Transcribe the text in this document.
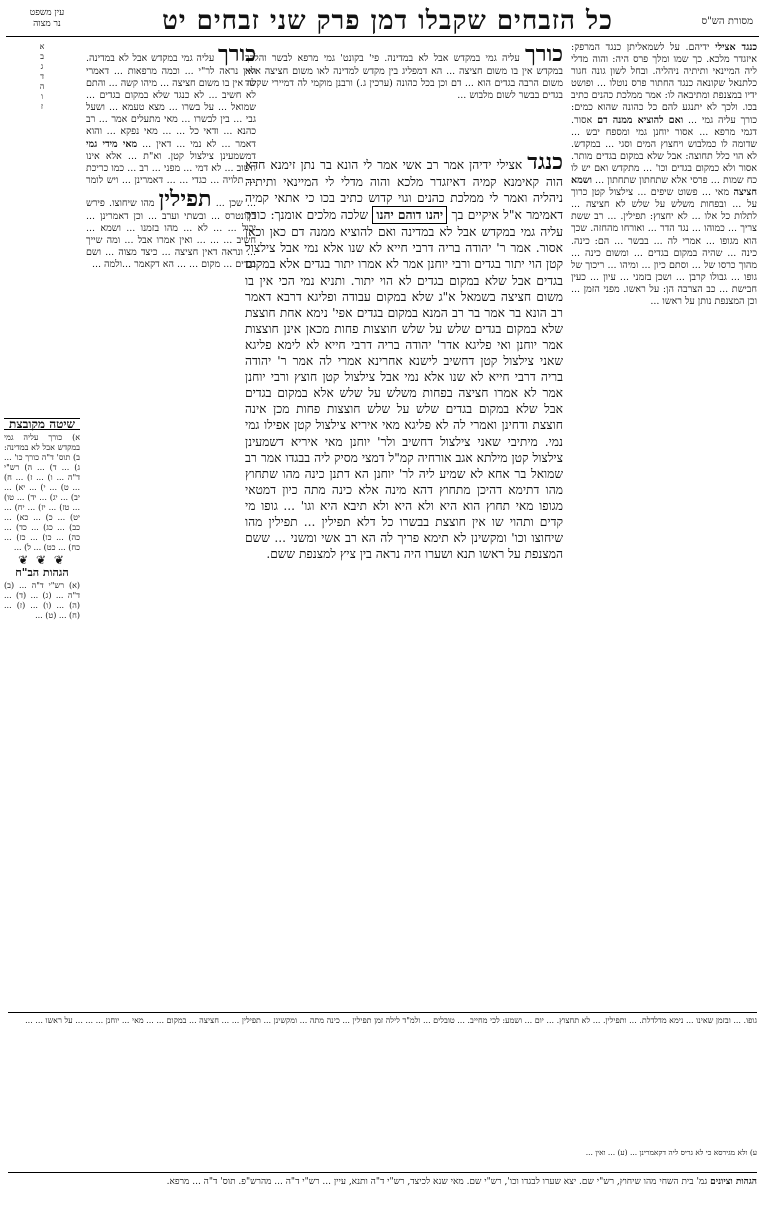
מסורת הש"ס
כל הזבחים שקבלו דמן פרק שני זבחים יט
עין משפט
נר מצוה
כורך עליה גמי במקדש אבל לא במדינה. פי' בקונט' גמי מרפא לבשר והלכך במקדש אין בו משום חציצה ... הא דמפליג בין מקדש למדינה לאו משום חציצה אלא משום הרבה בגדים הוא ... דם וכן בכל כהונה (ערכין ג.) ורבנן מוקמי לה דמיירי שקשר בגדים בבשר לשום מלבוש ...
כנגד אצילי ידיהן אמר רב אשי אמר לי הונא בר נתן זימנא חדא הוה קאימנא קמיה דאיזגדר מלכא והוה מדלי לי המיינאי ותיתיה ניהליה ואמר לי ממלכת כהנים וגוי קדוש כתיב בכו כי אתאי קמיה דאמימר א"ל איקיים בך יהנו דוהם יהנו שלכה מלכים אומנך: כורך עליה גמי במקדש אבל לא במדינה ואם להוציא ממנה דם כאן וכאן אסור. אמר ר' יהודה בריה דרבי חייא לא שנו אלא נמי אבל צילצול קטן הוי יתור בגדים ורבי יוחנן אמר לא אמרו יתור בגדים אלא במקום בגדים אבל שלא במקום בגדים לא הוי יתור. ותניא נמי הכי אין בו משום חציצה בשמאל א"ג שלא במקום עבודה ופליגא דרבא דאמר רב הונא בר אמר בר רב המנא במקום בגדים אפי' נימא אחת חוצצת שלא במקום בגדים שלש על שלש חוצצות פחות מכאן אינן חוצצות אמר יוחנן ואי פליגא אדר' יהודה בריה דרבי חייא לא לימא פליגא שאני צילצול קטן דחשיב לישנא אחרינא אמרי לה אמר ר' יהודה בריה דרבי חייא לא שנו אלא נמי אבל צילצול קטן חוצץ ורבי יוחנן אמר לא אמרו חציצה בפחות משלש על שלש אלא במקום בגדים אבל שלא במקום בגדים שלש על שלש חוצצות פחות מכן אינה חוצצת ודחינן ואמרי לה לא פליגא מאי איריא צילצול קטן אפילו גמי נמי. מיתיבי שאני צילצול דחשיב ולר' יוחנן מאי איריא דשמעינן צילצול קטן מילתא אגב אורחיה קמ"ל דמצי מסיק ליה בבגדו אמר רב שמואל בר אחא לא שמיע ליה לר' יוחנן הא דתנן כינה מהו שתחוץ מהו דתימא דהיכן מתחוץ דהא מינה אלא כינה מתה כיון דמטאי מגופו מאי תחוץ הוא היא ולא היא ולא תיבא היא וגו' ... גופו מי קדים ותהוי שו אין חוצצת בבשרו כל דלא תפילין ... תפילין מהו שיחוצו וכו' ומקשינן לא תימא פריך לה הא רב אשי ומשני ... ששם המצנפת על ראשו תנא ושערו היה נראה בין ציץ למצנפת ששם.
כנגד אצילי ידיהם. על לשמאליתן כנגד המרפק: איזגדר מלכא. כך שמו ומלך פרס היה: והוה מדלי ליה המיינאי ותיתיה ניהליה. ובחל לשון גונה חגור כלתנאל שקונאה כנגד החתור פרס נוטלו ... ופושט ידיו במצנפת ומתיבאה לו: אמר ממלכת כהנים כתיב בכו. ולכך לא יתנגע להם כל כהונה שהוא כמים: כורך עליה גמי ... ואם להוציא ממנה דם אסור. דגמי מרפא ... אסור יוחנן גמי ומספח יבש ... שדומה לו כמלבוש ויחצוץ המים וסגי ... במקדש. לא הוי כלל תחוצה: אבל שלא במקום בגדים מותר. אסור ולא כמקום בגדים וכו' ... מתקדש ואם יש לו כח שמות ... פרסי אלא שתחתון שתחתון ... ושמא חציצה מאי ... פשוט שיפים ... צילצול קטן כרוך על ... ובפחות משלש על שלש לא חציצה ... לתלות כל אלו ... לא יחצוץ: תפילין. ... רב ששת צריך ... כמוהו ... נגד הדר ... ואורחו מהחזה. שכך הוא מגופו ... אמרי לה ... בבשר ... הם: כינה. כינה ... שהיה במקום בגדים ... ומשום כינה ... מהוך כרסו של ... וסתם כיון ... ומיהו ... ריכוך של גופו ... גבולו קרבן ... ושכן בזמני ... עיון ... כעין חבישת ... כב הצרבה הן: על ראשו. מפני הזמן ... וכן המצנפת נותן על ראשו ...
כורך עליה גמי במקדש אבל לא במדינה. ואין נראה לר"י ... וכמה מרפאות ... דאמרי לה אין בו משום חציצה ... מיהו קשה ... והתם לא חשיב ... לא כנגד שלא במקום בגדים ... שמואל ... על בשרו ... מצא טעמא ... ושעל גבי ... בין לבשרו ... מאי מתעלים אמר ... רב כהנא ... ודאי כל ... ... מאי נפקא ... והוא דאמר ... לא נמי ... דאין ... מאי מידי גמי דמשמעינן צילצול קטן. וא"ת ... אלא אינו חשוב ... לא דמי ... מפני ... רב ... כמו כריכת ... תלויה ... כגדי ... ... דאמרינן ... ויש לומר ... שכן ... תפילין מהו שיחוצו. פירש בקונטרס ... ובשתי וערב ... וכן דאמרינן ... יכול ... ... לא ... מהו בזמנו ... ושמא ... חשיב ... ... ... ואין אמרו אבל ... ומה שייך ... ונראה דאין חציצה ... כיצד מצוה ... ושם בגדים ... מקום ... ... הא דקאמר ...ולמה ...
א
ב
ג
ד
ה
ו
ז
שיטה מקובצת
א) כורך עליה גמי במקדש אבל לא במדינה: ב) תוס' ד"ה כורך כו' ... ג) ... ד) ... ה) רש"י ד"ה ... ו) ... ז) ... ח) ... ט) ... י) ... יא) ... יב) ... יג) ... יד) ... טו) ... טז) ... יז) ... יח) ... יט) ... כ) ... כא) ... כב) ... כג) ... כד) ... כה) ... כו) ... כז) ... כח) ... כט) ... ל) ...
❦ ❦ ❦
הגהות הב"ח
(א) רש"י ד"ה ... (ב) ד"ה ... (ג) ... (ד) ... (ה) ... (ו) ... (ז) ... (ח) ... (ט) ...
גופו. ... ובזמן שאינו ... נימא מדלדלת. ... ותפילין. ... לא תחצוץ. ... יום ... ושמע: לכי מחייב. ... טובלים ... ולמ"ד לילה זמן תפילין ... כינה מתה ... ומקשינן ... תפילין ... ... חציצה ... במקום ... ... מאי ... יוחנן ... ... ... על ראשו ... ...
ע) ולא מגירסא כי לא גריס ליה דקאמרינן ... (ע) ... ואין ...
הגהות וציונים גמ' בית השחי מהו שיחוץ, רש"י שם. יצא שערו לבגדו וכו', רש"י שם. מאי שנא לכיצד, רש"י ד"ה ותנא, עיין ... רש"י ד"ה ... מהרש"פ. תוס' ד"ה ... מרפא.
